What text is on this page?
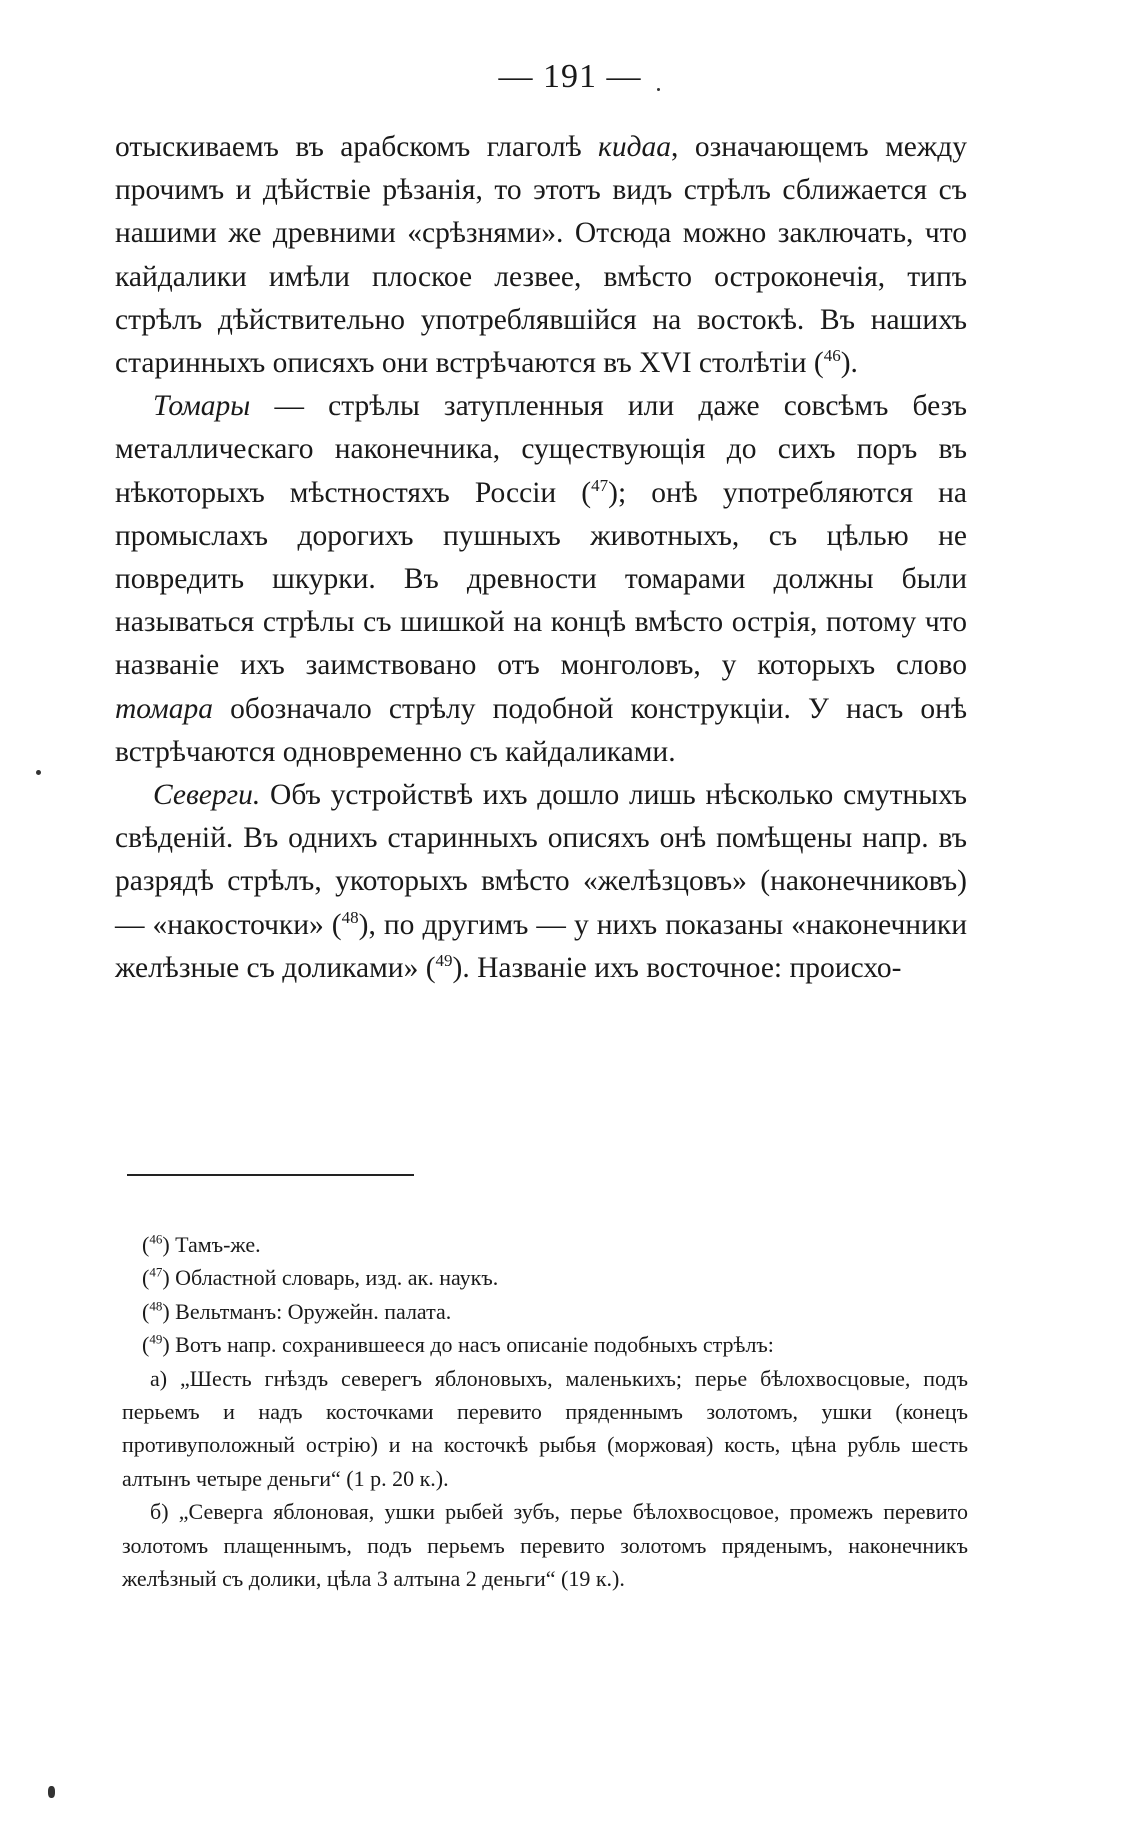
— 191 —

отыскиваемъ въ арабскомъ глаголѣ кидаа, означающемъ между прочимъ и дѣйствіе рѣзанія, то этотъ видъ стрѣлъ сближается съ нашими же древними «срѣзнями». Отсюда можно заключать, что кайдалики имѣли плоское лезвее, вмѣсто остроконечія, типъ стрѣлъ дѣйствительно употреблявшійся на востокѣ. Въ нашихъ старинныхъ описяхъ они встрѣчаются въ XVI столѣтіи ($^{46}$).

Томары — стрѣлы затупленныя или даже совсѣмъ безъ металлическаго наконечника, существующія до сихъ поръ въ нѣкоторыхъ мѣстностяхъ Россіи ($^{47}$); онѣ употребляются на промыслахъ дорогихъ пушныхъ животныхъ, съ цѣлью не повредить шкурки. Въ древности томарами должны были называться стрѣлы съ шишкой на концѣ вмѣсто острія, потому что названіе ихъ заимствовано отъ монголовъ, у которыхъ слово томара обозначало стрѣлу подобной конструкціи. У насъ онѣ встрѣчаются одновременно съ кайдаликами.

Северги. Объ устройствѣ ихъ дошло лишь нѣсколько смутныхъ свѣденій. Въ однихъ старинныхъ описяхъ онѣ помѣщены напр. въ разрядѣ стрѣлъ, укоторыхъ вмѣсто «желѣзцовъ» (наконечниковъ) — «накосточки» ($^{48}$), по другимъ — у нихъ показаны «наконечники желѣзные съ доликами» ($^{49}$). Названіе ихъ восточное: происхо-

($^{46}$) Тамъ-же.

($^{47}$) Областной словарь, изд. ак. наукъ.

($^{48}$) Вельтманъ: Оружейн. палата.

($^{49}$) Вотъ напр. сохранившееся до насъ описаніе подобныхъ стрѣлъ:

а) „Шесть гнѣздъ северегъ яблоновыхъ, маленькихъ; перье бѣлохвосцовые, подъ перьемъ и надъ косточками перевито пряденнымъ золотомъ, ушки (конецъ противуположный острію) и на косточкѣ рыбья (моржовая) кость, цѣна рубль шесть алтынъ четыре деньги“ (1 р. 20 к.).

б) „Северга яблоновая, ушки рыбей зубъ, перье бѣлохвосцовое, промежъ перевито золотомъ плащеннымъ, подъ перьемъ перевито золотомъ пряденымъ, наконечникъ желѣзный съ долики, цѣла 3 алтына 2 деньги“ (19 к.).
